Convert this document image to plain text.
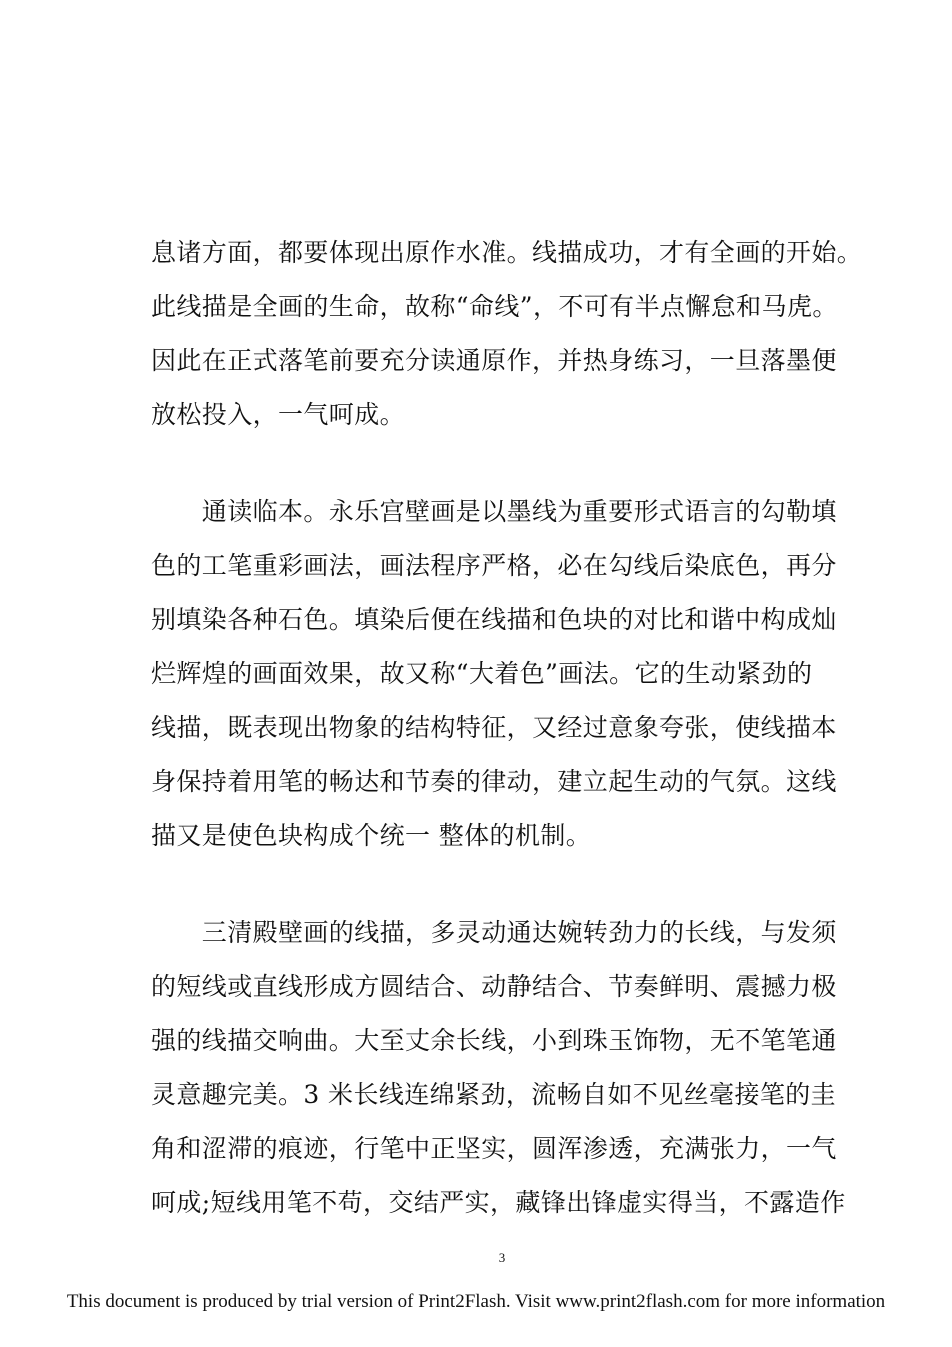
息诸方面，都要体现出原作水准。线描成功，才有全画的开始。
此线描是全画的生命，故称“命线”，不可有半点懈怠和马虎。
因此在正式落笔前要充分读通原作，并热身练习，一旦落墨便
放松投入，一气呵成。
　　通读临本。永乐宫壁画是以墨线为重要形式语言的勾勒填
色的工笔重彩画法，画法程序严格，必在勾线后染底色，再分
别填染各种石色。填染后便在线描和色块的对比和谐中构成灿
烂辉煌的画面效果，故又称“大着色”画法。它的生动紧劲的
线描，既表现出物象的结构特征，又经过意象夸张，使线描本
身保持着用笔的畅达和节奏的律动，建立起生动的气氛。这线
描又是使色块构成个统一 整体的机制。
　　三清殿壁画的线描，多灵动通达婉转劲力的长线，与发须
的短线或直线形成方圆结合、动静结合、节奏鲜明、震撼力极
强的线描交响曲。大至丈余长线，小到珠玉饰物，无不笔笔通
灵意趣完美。3 米长线连绵紧劲，流畅自如不见丝毫接笔的圭
角和涩滞的痕迹，行笔中正坚实，圆浑渗透，充满张力，一气
呵成;短线用笔不苟，交结严实，藏锋出锋虚实得当，不露造作
3
This document is produced by trial version of Print2Flash. Visit www.print2flash.com for more information
